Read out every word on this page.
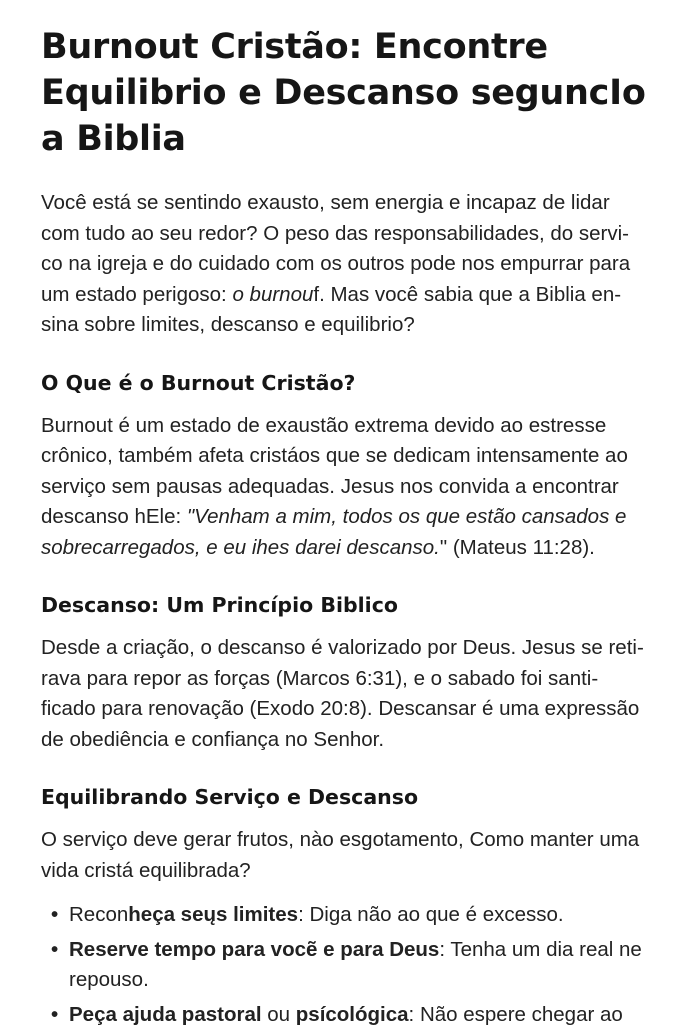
Burnout Cristão: Encontre Equilibrio e Descanso seguncIo a Biblia

Você está se sentindo exausto, sem energia e incapaz de lidar com tudo ao seu redor? O peso das responsabilidades, do servi-co na igreja e do cuidado com os outros pode nos empurrar para um estado perigoso: o burnouf. Mas você sabia que a Biblia en-sina sobre limites, descanso e equilibrio?

O Que é o Burnout Cristão?

Burnout é um estado de exaustão extrema devido ao estresse crônico, também afeta cristáos que se dedicam intensamente ao serviço sem pausas adequadas. Jesus nos convida a encontrar descanso hEle: "Venham a mim, todos os que estão cansados e sobrecarregados, e eu ihes darei descanso." (Mateus 11:28).

Descanso: Um Princípio Biblico

Desde a criação, o descanso é valorizado por Deus. Jesus se reti-rava para repor as forças (Marcos 6:31), e o sabado foi santi-ficado para renovação (Exodo 20:8). Descansar é uma expressão de obediência e confiança no Senhor.

Equilibrando Serviço e Descanso

O serviço deve gerar frutos, nào esgotamento, Como manter uma vida cristá equilibrada?

• Reconheça seųs limites: Diga não ao que é excesso.
• Reserve tempo para vocẽ e para Deus: Tenha um dia real ne repouso.
• Peça ajuda pastoral ou psícológica: Não espere chegar ao
